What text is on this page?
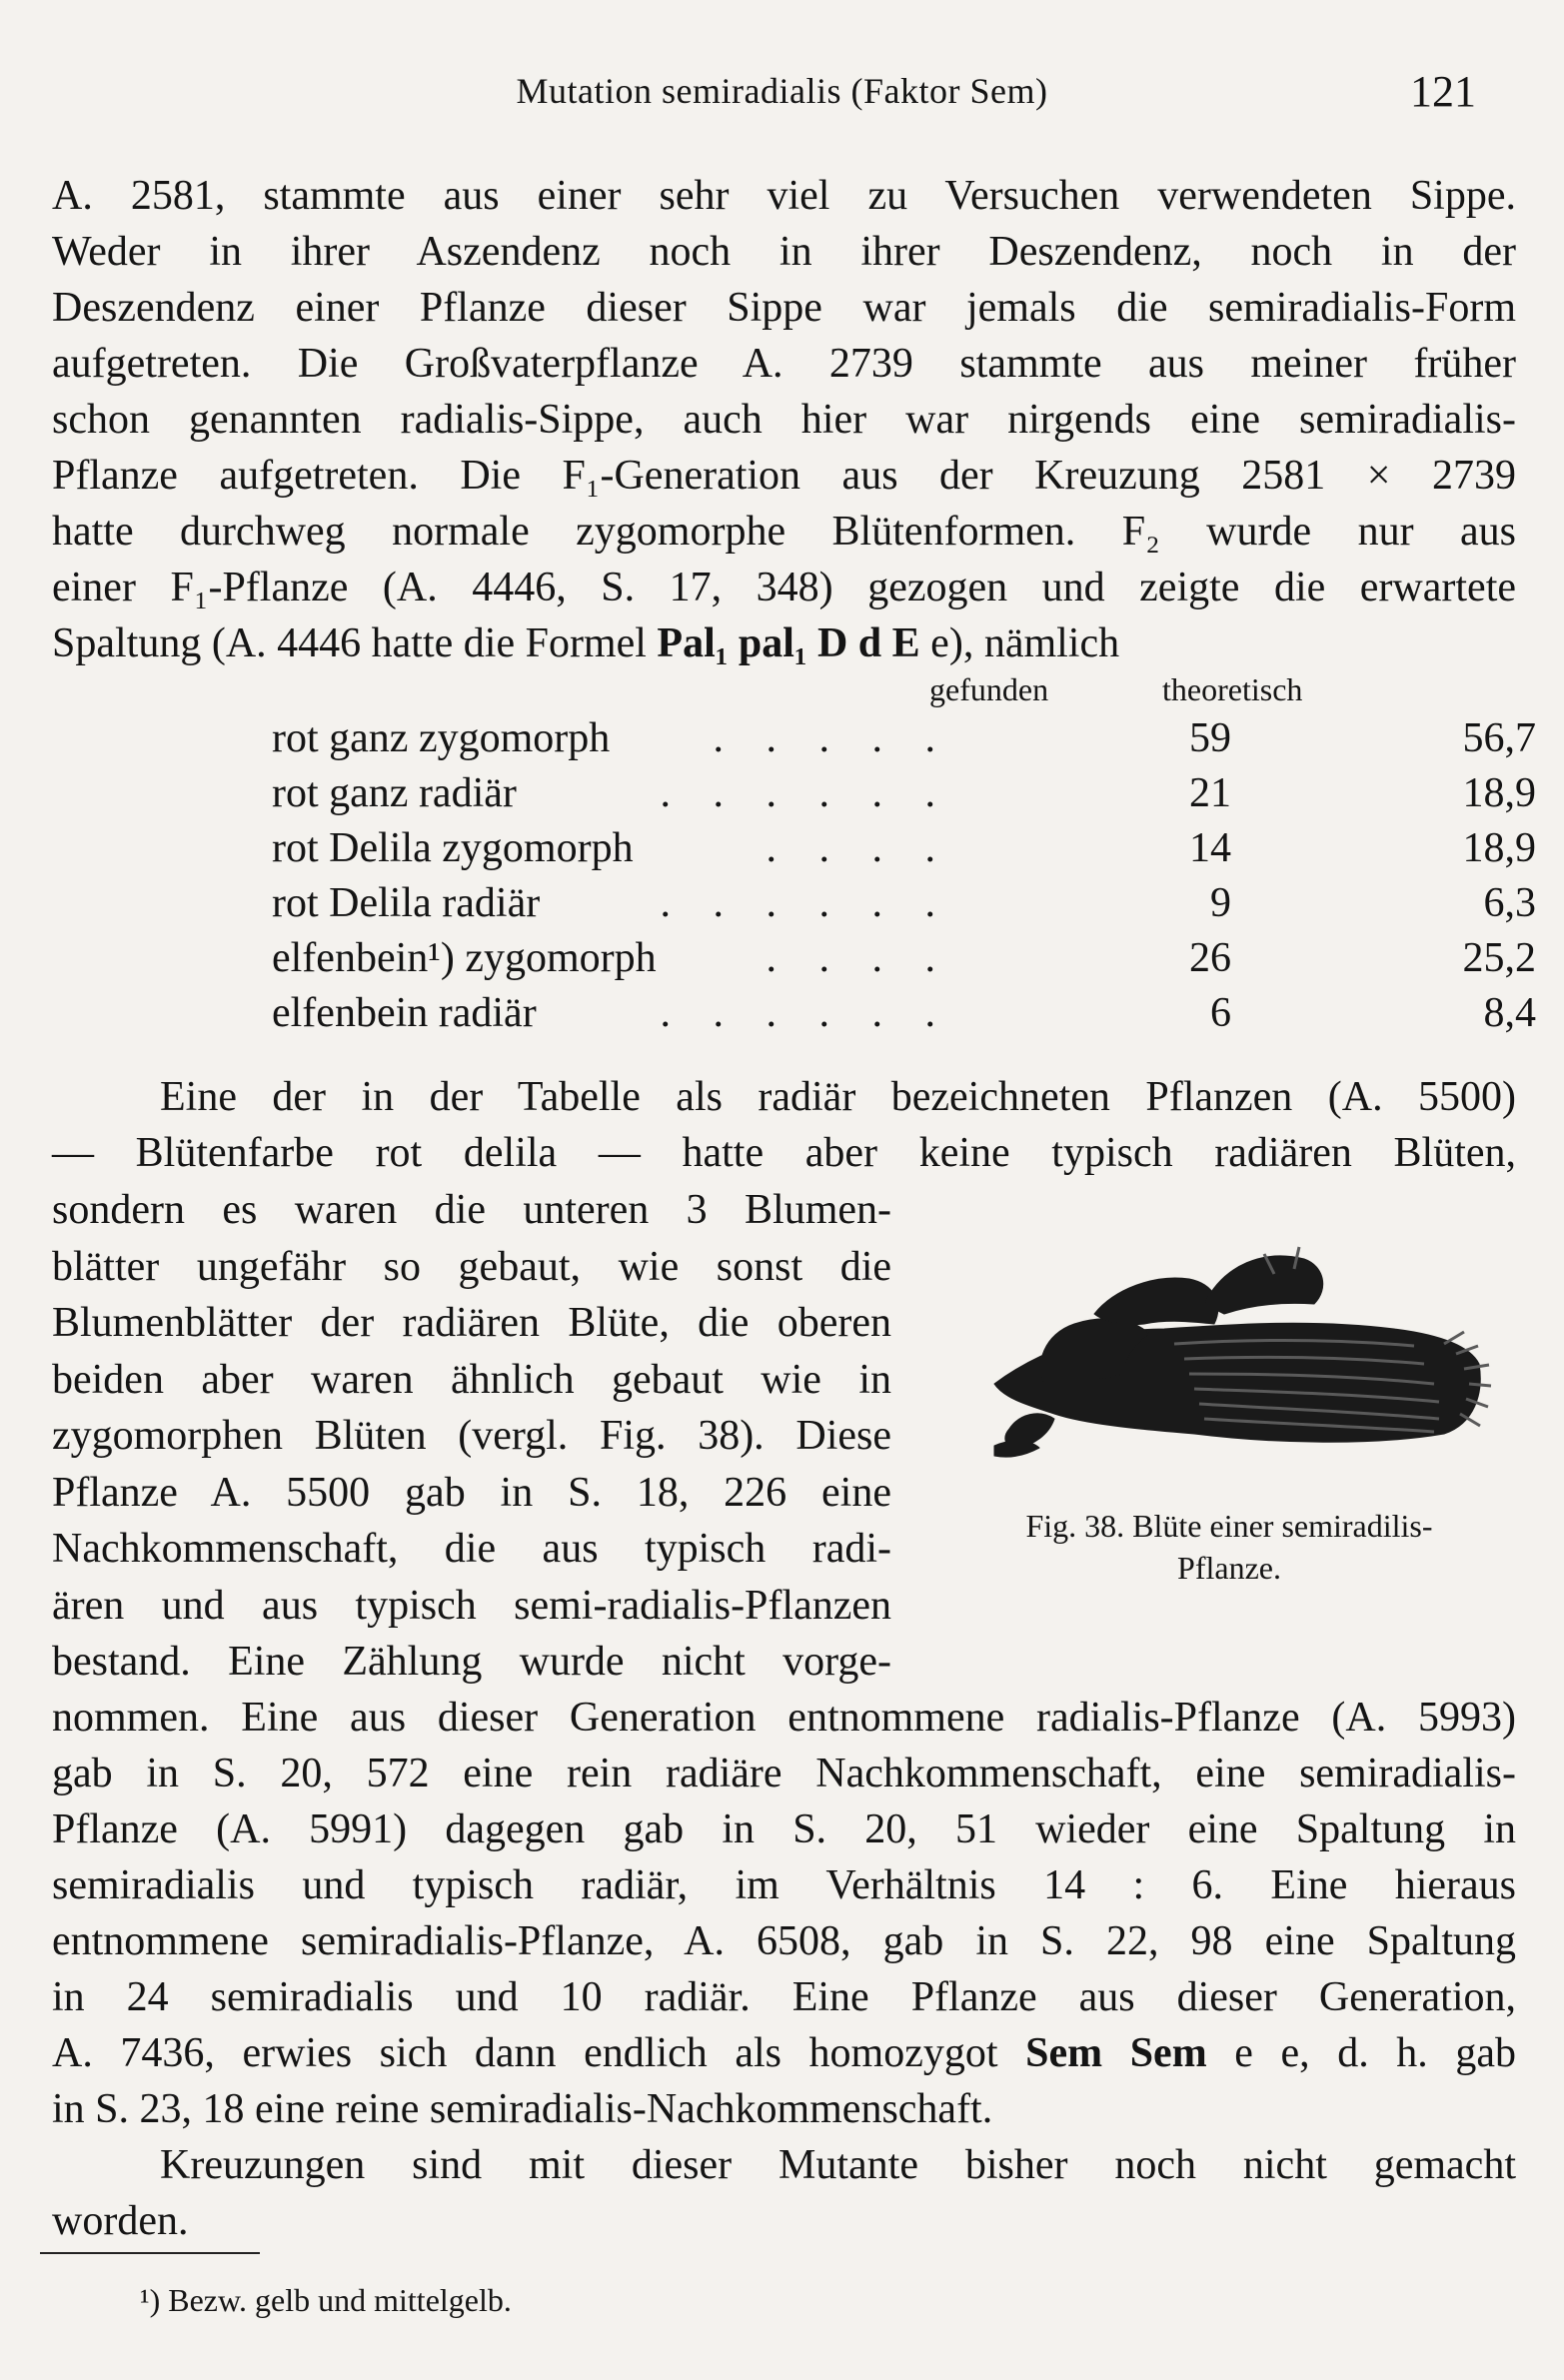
Mutation semiradialis (Faktor Sem)	121
A. 2581, stammte aus einer sehr viel zu Versuchen verwendeten Sippe.
Weder in ihrer Aszendenz noch in ihrer Deszendenz, noch in der
Deszendenz einer Pflanze dieser Sippe war jemals die semiradialis-Form
aufgetreten. Die Großvaterpflanze A. 2739 stammte aus meiner früher
schon genannten radialis-Sippe, auch hier war nirgends eine semiradialis-
Pflanze aufgetreten. Die F₁-Generation aus der Kreuzung 2581 × 2739
hatte durchweg normale zygomorphe Blütenformen. F₂ wurde nur aus
einer F₁-Pflanze (A. 4446, S. 17, 348) gezogen und zeigte die erwartete
Spaltung (A. 4446 hatte die Formel Pal₁ pal₁ D d E e), nämlich
gefunden	theoretisch
rot ganz zygomorph	. . . . .	59	56,7
rot ganz radiär	. . . . . .	21	18,9
rot Delila zygomorph	. . . .	14	18,9
rot Delila radiär	. . . . . .	9	6,3
elfenbein¹) zygomorph	. . . .	26	25,2
elfenbein radiär	. . . . . .	6	8,4
Eine der in der Tabelle als radiär bezeichneten Pflanzen (A. 5500)
— Blütenfarbe rot delila — hatte aber keine typisch radiären Blüten,
sondern es waren die unteren 3 Blumen-
blätter ungefähr so gebaut, wie sonst die
Blumenblätter der radiären Blüte, die oberen
beiden aber waren ähnlich gebaut wie in
zygomorphen Blüten (vergl. Fig. 38). Diese
Pflanze A. 5500 gab in S. 18, 226 eine
Nachkommenschaft, die aus typisch radi-
ären und aus typisch semi-radialis-Pflanzen
bestand. Eine Zählung wurde nicht vorge-
Fig. 38. Blüte einer semiradilis-
Pflanze.
nommen. Eine aus dieser Generation entnommene radialis-Pflanze (A. 5993)
gab in S. 20, 572 eine rein radiäre Nachkommenschaft, eine semiradialis-
Pflanze (A. 5991) dagegen gab in S. 20, 51 wieder eine Spaltung in
semiradialis und typisch radiär, im Verhältnis 14 : 6. Eine hieraus
entnommene semiradialis-Pflanze, A. 6508, gab in S. 22, 98 eine Spaltung
in 24 semiradialis und 10 radiär. Eine Pflanze aus dieser Generation,
A. 7436, erwies sich dann endlich als homozygot Sem Sem e e, d. h. gab
in S. 23, 18 eine reine semiradialis-Nachkommenschaft.
Kreuzungen sind mit dieser Mutante bisher noch nicht gemacht
worden.
¹) Bezw. gelb und mittelgelb.
